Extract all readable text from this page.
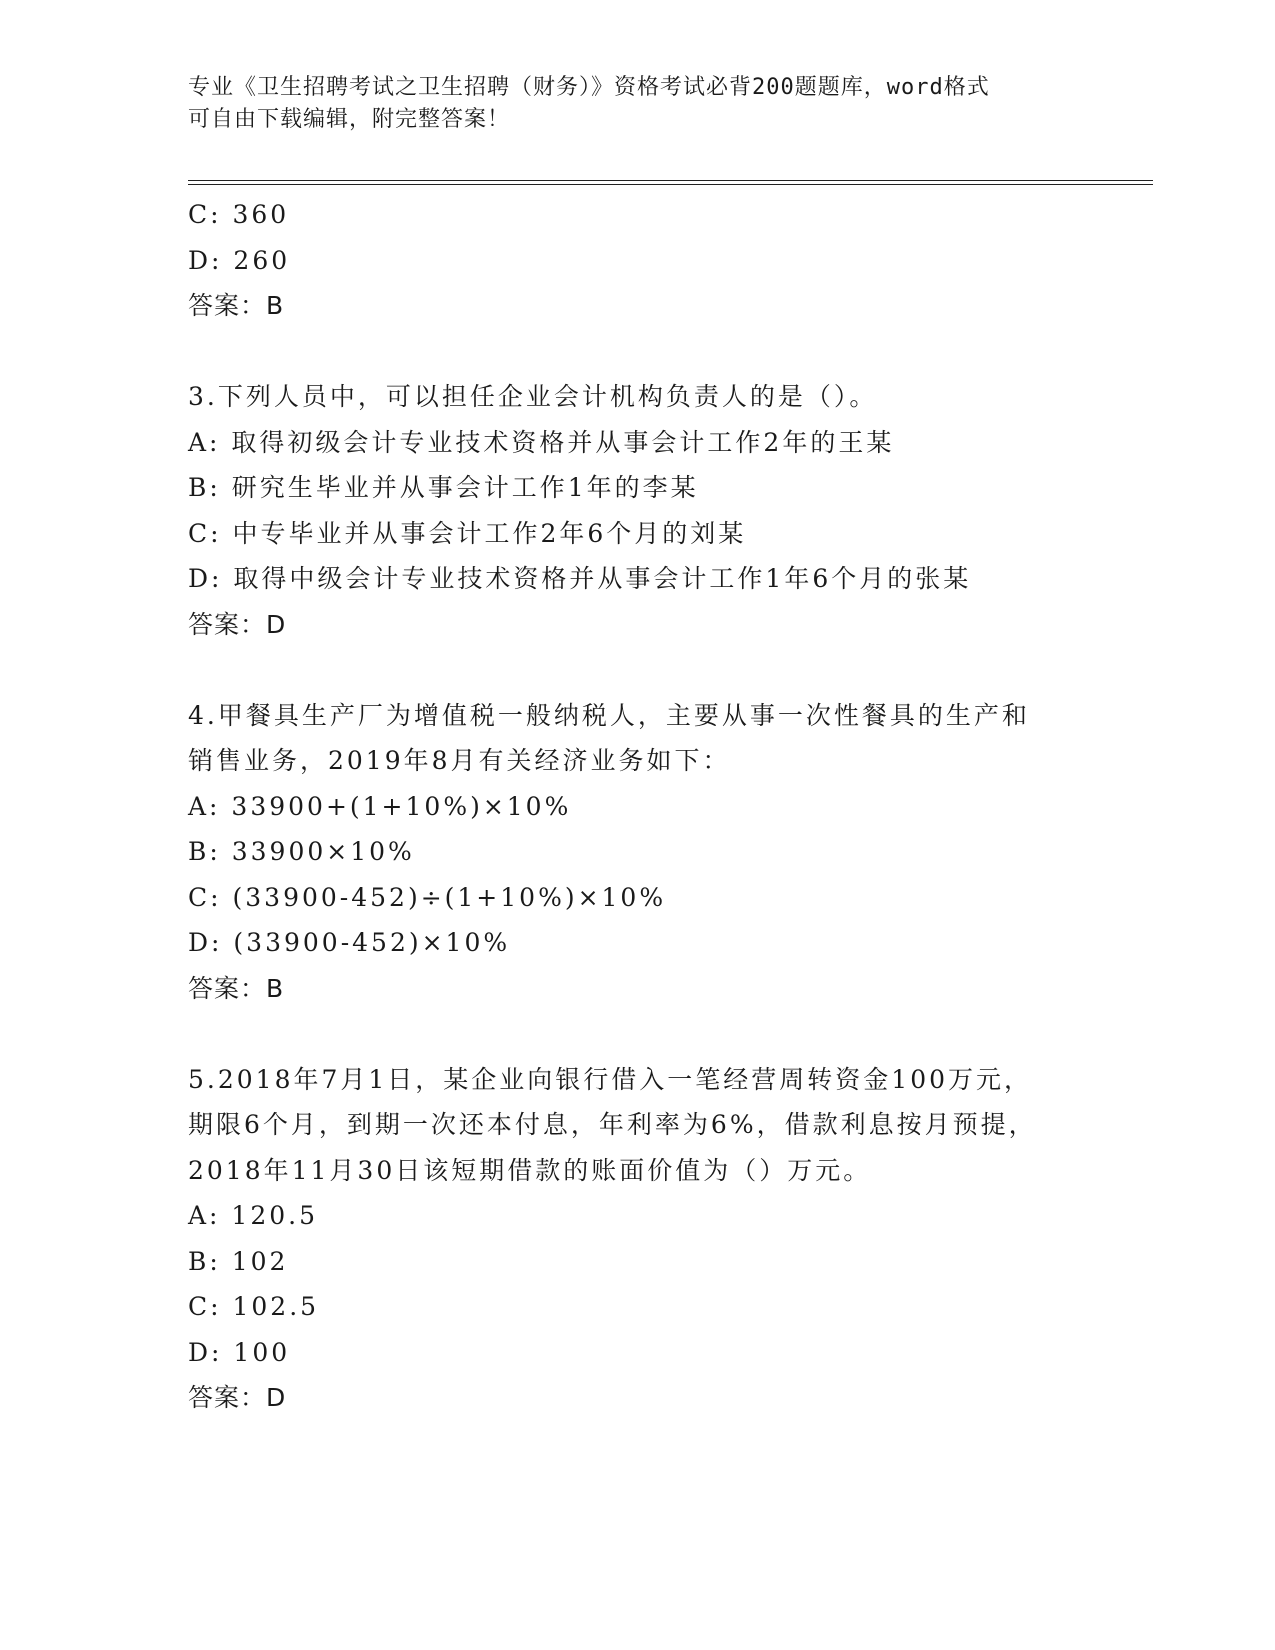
专业《卫生招聘考试之卫生招聘（财务）》资格考试必背200题题库，word格式
可自由下载编辑，附完整答案！
C: 360
D: 260
答案：B
3.下列人员中，可以担任企业会计机构负责人的是（）。
A: 取得初级会计专业技术资格并从事会计工作2年的王某
B: 研究生毕业并从事会计工作1年的李某
C: 中专毕业并从事会计工作2年6个月的刘某
D: 取得中级会计专业技术资格并从事会计工作1年6个月的张某
答案：D
4.甲餐具生产厂为增值税一般纳税人，主要从事一次性餐具的生产和
销售业务，2019年8月有关经济业务如下：
A: 33900+(1+10%)×10%
B: 33900×10%
C: (33900-452)÷(1+10%)×10%
D: (33900-452)×10%
答案：B
5.2018年7月1日，某企业向银行借入一笔经营周转资金100万元，
期限6个月，到期一次还本付息，年利率为6%，借款利息按月预提，
2018年11月30日该短期借款的账面价值为（）万元。
A: 120.5
B: 102
C: 102.5
D: 100
答案：D
